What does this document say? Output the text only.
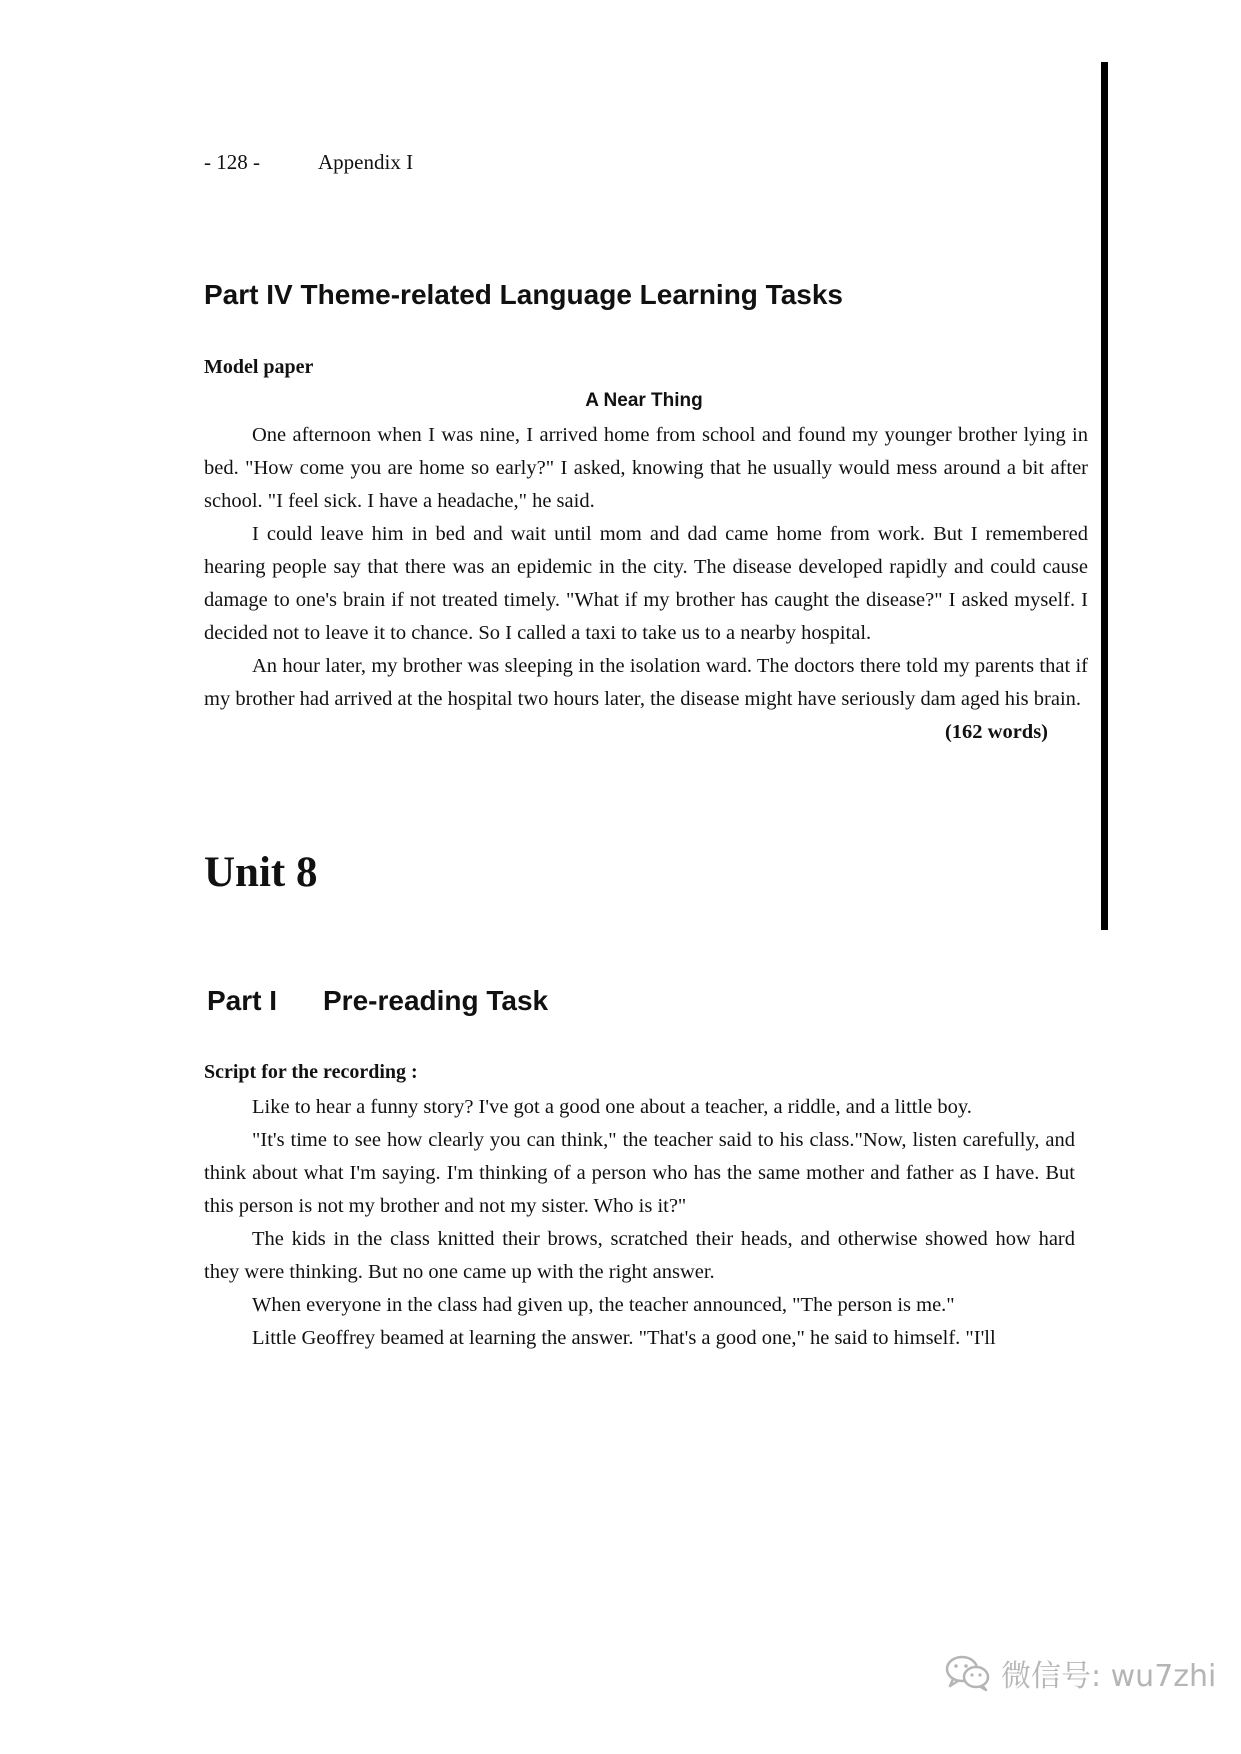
- 128 -	Appendix I
Part IV Theme-related Language Learning Tasks
Model paper
A Near Thing

One afternoon when I was nine, I arrived home from school and found my younger brother lying in bed. "How come you are home so early?" I asked, knowing that he usually would mess around a bit after school. "I feel sick. I have a headache," he said.

I could leave him in bed and wait until mom and dad came home from work. But I remembered hearing people say that there was an epidemic in the city. The disease developed rapidly and could cause damage to one's brain if not treated timely. "What if my brother has caught the disease?" I asked myself. I decided not to leave it to chance. So I called a taxi to take us to a nearby hospital.

An hour later, my brother was sleeping in the isolation ward. The doctors there told my parents that if my brother had arrived at the hospital two hours later, the disease might have seriously dam aged his brain.
(162 words)

Unit 8
Part I Pre-reading Task
Script for the recording :

Like to hear a funny story? I've got a good one about a teacher, a riddle, and a little boy.

"It's time to see how clearly you can think," the teacher said to his class."Now, listen carefully, and think about what I'm saying. I'm thinking of a person who has the same mother and father as I have. But this person is not my brother and not my sister. Who is it?"

The kids in the class knitted their brows, scratched their heads, and otherwise showed how hard they were thinking. But no one came up with the right answer.

When everyone in the class had given up, the teacher announced, "The person is me."

Little Geoffrey beamed at learning the answer. "That's a good one," he said to himself. "I'll

微信号: wu7zhi
